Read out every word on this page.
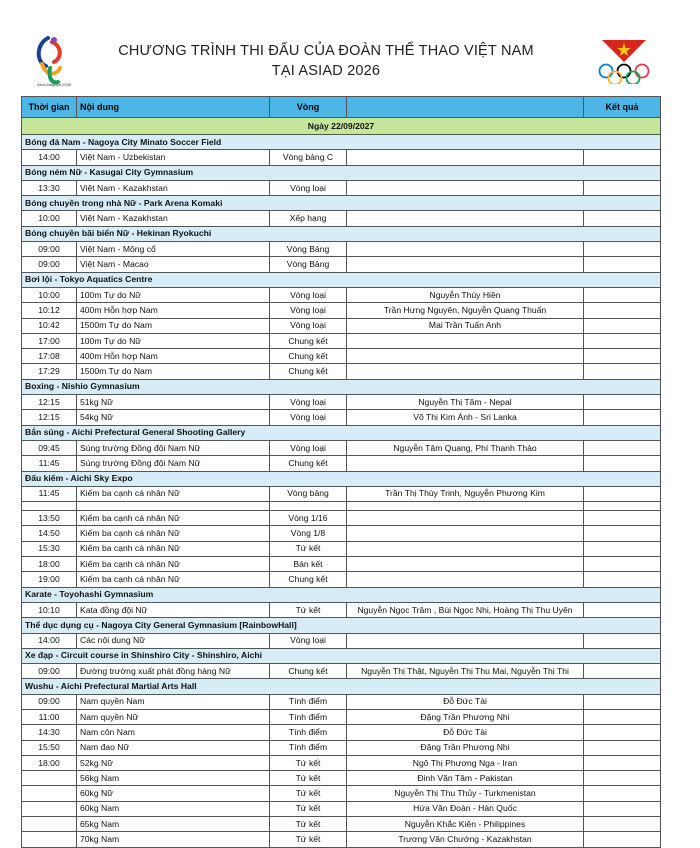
Aichi-Nagoya 2026
CHƯƠNG TRÌNH THI ĐẤU CỦA ĐOÀN THỂ THAO VIỆT NAM
TẠI ASIAD 2026
Thời gian	Nội dung	Vòng		Kết quả
Ngày 22/09/2027				
Bóng đá Nam - Nagoya City Minato Soccer Field				
14:00	Việt Nam - Uzbekistan	Vòng bảng C		
Bóng ném Nữ - Kasugai City Gymnasium				
13:30	Việt Nam - Kazakhstan	Vòng loại		
Bóng chuyền trong nhà Nữ - Park Arena Komaki				
10:00	Việt Nam - Kazakhstan	Xếp hạng		
Bóng chuyền bãi biển Nữ - Hekinan Ryokuchi				
09:00	Việt Nam - Mông cổ	Vòng Bảng		
09:00	Việt Nam - Macao	Vòng Bảng		
Bơi lội - Tokyo Aquatics Centre				
10:00	100m Tự do Nữ	Vòng loại	Nguyễn Thúy Hiền	
10:12	400m Hỗn hợp Nam	Vòng loại	Trần Hưng Nguyên, Nguyễn Quang Thuấn	
10:42	1500m Tự do Nam	Vòng loại	Mai Trần Tuấn Anh	
17:00	100m Tự do Nữ	Chung kết		
17:08	400m Hỗn hợp Nam	Chung kết		
17:29	1500m Tự do Nam	Chung kết		
Boxing - Nishio Gymnasium				
12:15	51kg Nữ	Vòng loại	Nguyễn Thị Tâm - Nepal	
12:15	54kg Nữ	Vòng loại	Võ Thị Kim Ánh - Sri Lanka	
Bắn súng - Aichi Prefectural General Shooting Gallery				
09:45	Súng trường Đồng đội Nam Nữ	Vòng loại	Nguyễn Tâm Quang, Phí Thanh Thảo	
11:45	Súng trường Đồng đội Nam Nữ	Chung kết		
Đấu kiếm - Aichi Sky Expo				
11:45	Kiếm ba cạnh cá nhân Nữ	Vòng bảng	Trần Thị Thùy Trinh, Nguyễn Phương Kim	

13:50	Kiếm ba cạnh cá nhân Nữ	Vòng 1/16		
14:50	Kiếm ba cạnh cá nhân Nữ	Vòng 1/8		
15:30	Kiếm ba cạnh cá nhân Nữ	Tứ kết		
18:00	Kiếm ba cạnh cá nhân Nữ	Bán kết		
19:00	Kiếm ba cạnh cá nhân Nữ	Chung kết		
Karate - Toyohashi Gymnasium				
10:10	Kata đồng đội Nữ	Tứ kết	Nguyễn Ngọc Trâm , Bùi Ngọc Nhi, Hoàng Thị Thu Uyên	
Thể dục dụng cụ - Nagoya City General Gymnasium [RainbowHall]				
14:00	Các nội dung Nữ	Vòng loại		
Xe đạp - Circuit course in Shinshiro City - Shinshiro, Aichi				
09:00	Đường trường xuất phát đồng hàng Nữ	Chung kết	Nguyễn Thị Thật, Nguyễn Thị Thu Mai, Nguyễn Thị Thi	
Wushu - Aichi Prefectural Martial Arts Hall				
09:00	Nam quyền Nam	Tính điểm	Đỗ Đức Tài	
11:00	Nam quyền Nữ	Tính điểm	Đặng Trần Phương Nhi	
14:30	Nam côn Nam	Tính điểm	Đỗ Đức Tài	
15:50	Nam đao Nữ	Tính điểm	Đặng Trần Phương Nhi	
18:00	52kg Nữ	Tứ kết	Ngô Thị Phương Nga - Iran	
	56kg Nam	Tứ kết	Đinh Văn Tâm - Pakistan	
	60kg Nữ	Tứ kết	Nguyễn Thị Thu Thủy - Turkmenistan	
	60kg Nam	Tứ kết	Hứa Văn Đoàn - Hàn Quốc	
	65kg Nam	Tứ kết	Nguyễn Khắc Kiên - Philippines	
	70kg Nam	Tứ kết	Trương Văn Chướng - Kazakhstan	
